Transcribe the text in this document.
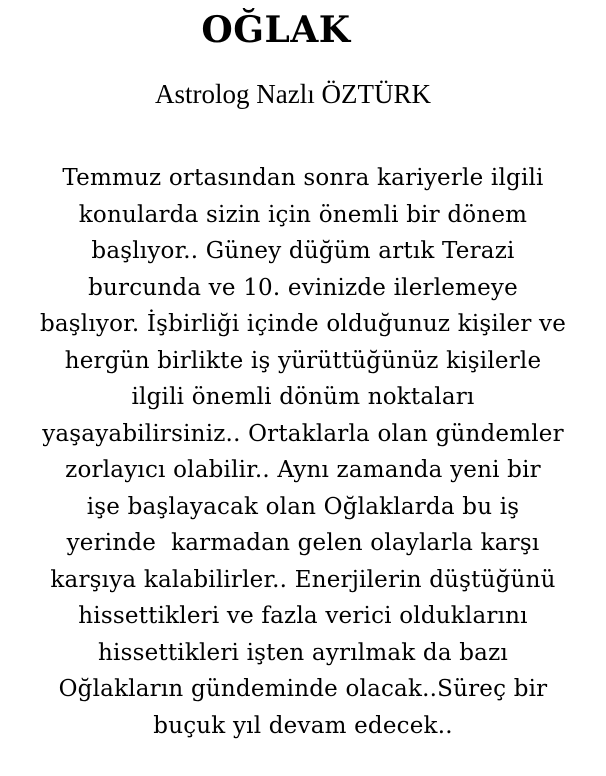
OĞLAK
Astrolog Nazlı ÖZTÜRK

Temmuz ortasından sonra kariyerle ilgili
konularda sizin için önemli bir dönem
başlıyor.. Güney düğüm artık Terazi
burcunda ve 10. evinizde ilerlemeye
başlıyor. İşbirliği içinde olduğunuz kişiler ve
hergün birlikte iş yürüttüğünüz kişilerle
ilgili önemli dönüm noktaları
yaşayabilirsiniz.. Ortaklarla olan gündemler
zorlayıcı olabilir.. Aynı zamanda yeni bir
işe başlayacak olan Oğlaklarda bu iş
yerinde  karmadan gelen olaylarla karşı
karşıya kalabilirler.. Enerjilerin düştüğünü
hissettikleri ve fazla verici olduklarını
hissettikleri işten ayrılmak da bazı
Oğlakların gündeminde olacak..Süreç bir
buçuk yıl devam edecek..
